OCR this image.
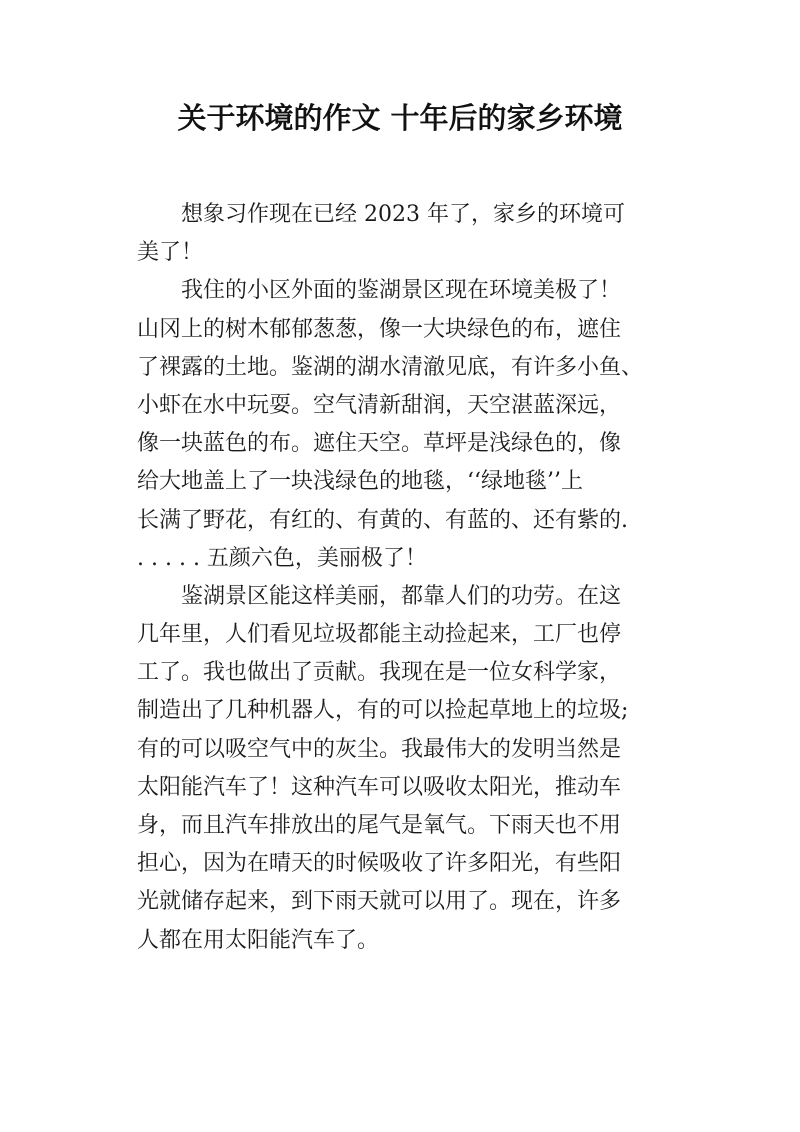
关于环境的作文 十年后的家乡环境
想象习作现在已经 2023 年了，家乡的环境可
美了！
我住的小区外面的鉴湖景区现在环境美极了！
山冈上的树木郁郁葱葱，像一大块绿色的布，遮住
了裸露的土地。鉴湖的湖水清澈见底，有许多小鱼、
小虾在水中玩耍。空气清新甜润，天空湛蓝深远，
像一块蓝色的布。遮住天空。草坪是浅绿色的，像
给大地盖上了一块浅绿色的地毯，‘‘绿地毯’’上
长满了野花，有红的、有黄的、有蓝的、还有紫的.
. . . . . 五颜六色，美丽极了！
鉴湖景区能这样美丽，都靠人们的功劳。在这
几年里，人们看见垃圾都能主动捡起来，工厂也停
工了。我也做出了贡献。我现在是一位女科学家，
制造出了几种机器人，有的可以捡起草地上的垃圾;
有的可以吸空气中的灰尘。我最伟大的发明当然是
太阳能汽车了！这种汽车可以吸收太阳光，推动车
身，而且汽车排放出的尾气是氧气。下雨天也不用
担心，因为在晴天的时候吸收了许多阳光，有些阳
光就储存起来，到下雨天就可以用了。现在，许多
人都在用太阳能汽车了。
